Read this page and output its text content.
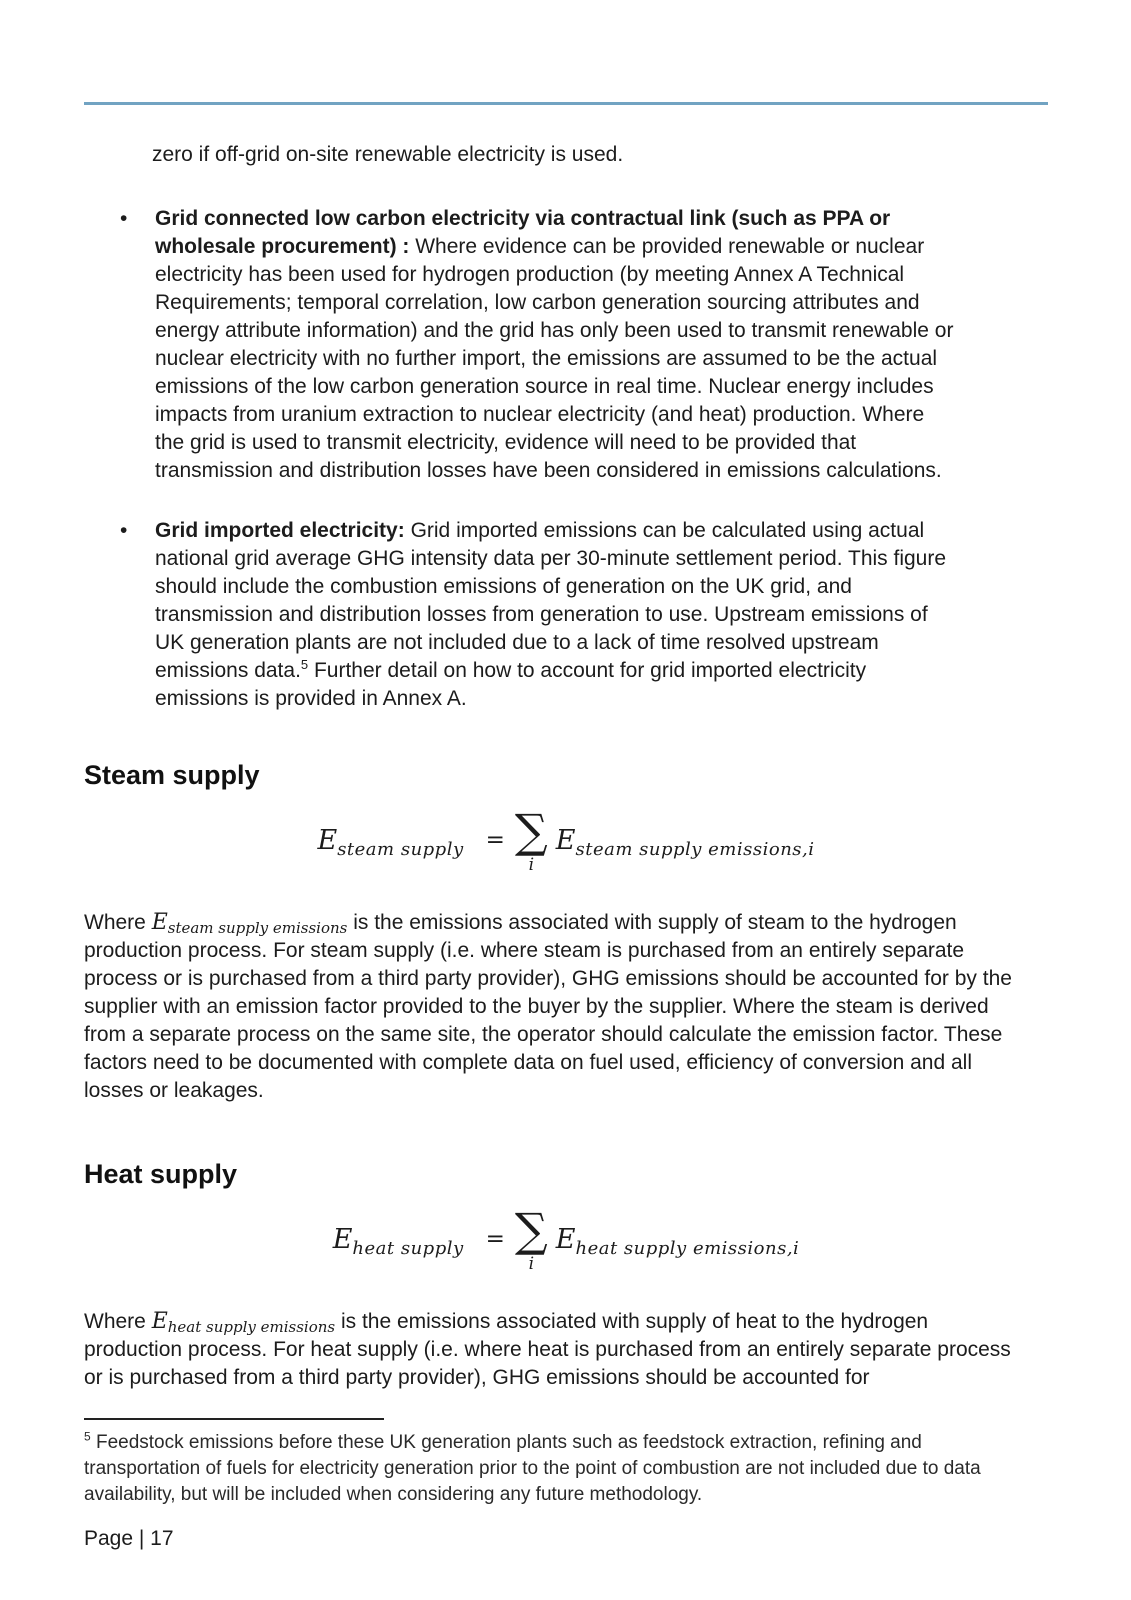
zero if off-grid on-site renewable electricity is used.

• Grid connected low carbon electricity via contractual link (such as PPA or wholesale procurement) : Where evidence can be provided renewable or nuclear electricity has been used for hydrogen production (by meeting Annex A Technical Requirements; temporal correlation, low carbon generation sourcing attributes and energy attribute information) and the grid has only been used to transmit renewable or nuclear electricity with no further import, the emissions are assumed to be the actual emissions of the low carbon generation source in real time. Nuclear energy includes impacts from uranium extraction to nuclear electricity (and heat) production. Where the grid is used to transmit electricity, evidence will need to be provided that transmission and distribution losses have been considered in emissions calculations.
• Grid imported electricity: Grid imported emissions can be calculated using actual national grid average GHG intensity data per 30-minute settlement period. This figure should include the combustion emissions of generation on the UK grid, and transmission and distribution losses from generation to use. Upstream emissions of UK generation plants are not included due to a lack of time resolved upstream emissions data.$^5$ Further detail on how to account for grid imported electricity emissions is provided in Annex A.
Steam supply
$E_{steam supply}$ = ∑
i
$E_{steam supply emissions,i}$

Where $E_{steam supply emissions}$ is the emissions associated with supply of steam to the hydrogen production process. For steam supply (i.e. where steam is purchased from an entirely separate process or is purchased from a third party provider), GHG emissions should be accounted for by the supplier with an emission factor provided to the buyer by the supplier. Where the steam is derived from a separate process on the same site, the operator should calculate the emission factor. These factors need to be documented with complete data on fuel used, efficiency of conversion and all losses or leakages.

Heat supply
$E_{heat supply}$ = ∑
i
$E_{heat supply emissions,i}$

Where $E_{heat supply emissions}$ is the emissions associated with supply of heat to the hydrogen production process. For heat supply (i.e. where heat is purchased from an entirely separate process or is purchased from a third party provider), GHG emissions should be accounted for

$^5$ Feedstock emissions before these UK generation plants such as feedstock extraction, refining and transportation of fuels for electricity generation prior to the point of combustion are not included due to data availability, but will be included when considering any future methodology.

Page | 17
